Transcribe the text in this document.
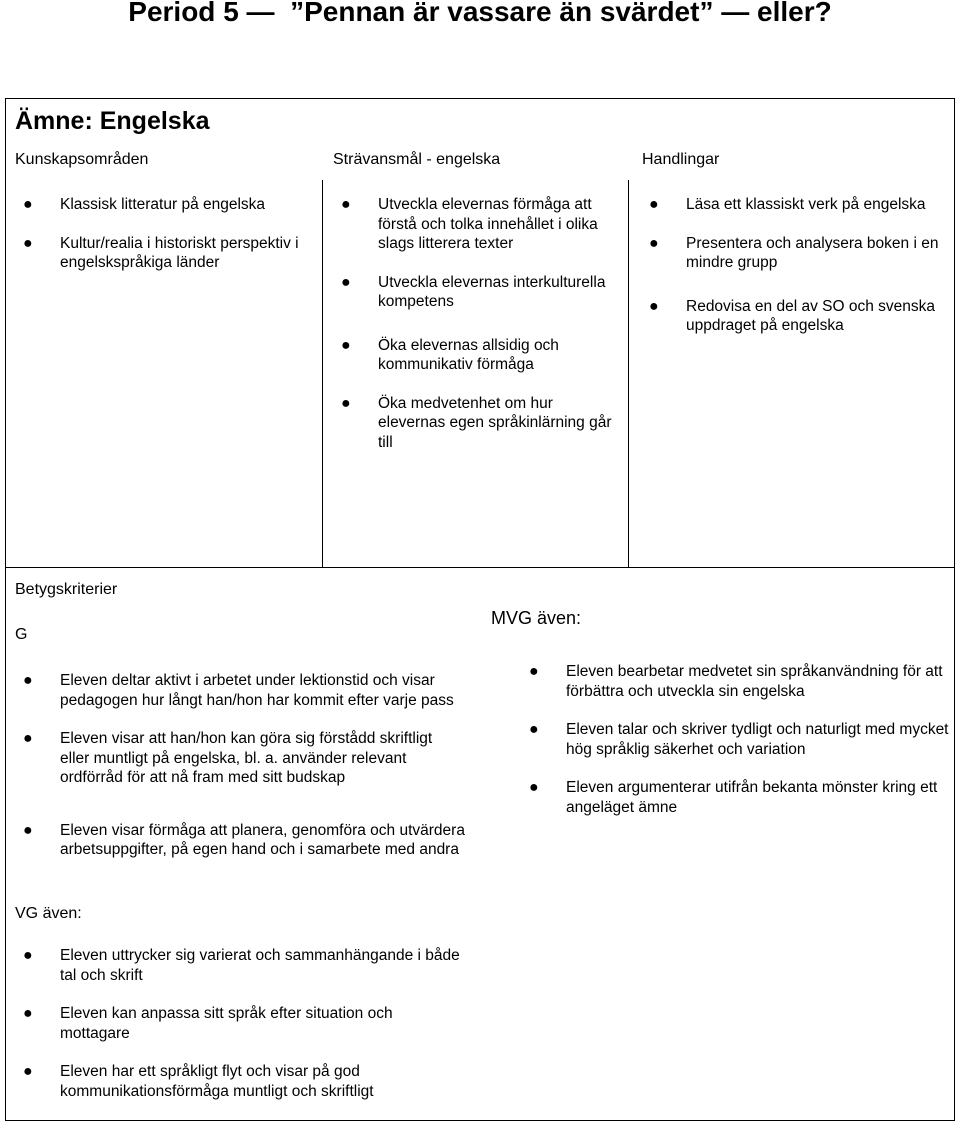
Period 5 —  ”Pennan är vassare än svärdet” — eller?
Ämne: Engelska
Kunskapsområden	Strävansmål - engelska	Handlingar
● Klassisk litteratur på engelska
● Kultur/realia i historiskt perspektiv i engelskspråkiga länder
● Utveckla elevernas förmåga att förstå och tolka innehållet i olika slags litterera texter
● Utveckla elevernas interkulturella kompetens
● Öka elevernas allsidig och kommunikativ förmåga
● Öka medvetenhet om hur elevernas egen språkinlärning går till
● Läsa ett klassiskt verk på engelska
● Presentera och analysera boken i en mindre grupp
● Redovisa en del av SO och svenska uppdraget på engelska
Betygskriterier
G
MVG även:
● Eleven deltar aktivt i arbetet under lektionstid och visar pedagogen hur långt han/hon har kommit efter varje pass
● Eleven visar att han/hon kan göra sig förstådd skriftligt eller muntligt på engelska, bl. a. använder relevant ordförråd för att nå fram med sitt budskap
● Eleven visar förmåga att planera, genomföra och utvärdera arbetsuppgifter, på egen hand och i samarbete med andra
● Eleven bearbetar medvetet sin språkanvändning för att förbättra och utveckla sin engelska
● Eleven talar och skriver tydligt och naturligt med mycket hög språklig säkerhet och variation
● Eleven argumenterar utifrån bekanta mönster kring ett angeläget ämne
VG även:
● Eleven uttrycker sig varierat och sammanhängande i både tal och skrift
● Eleven kan anpassa sitt språk efter situation och mottagare
● Eleven har ett språkligt flyt och visar på god kommunikationsförmåga muntligt och skriftligt
